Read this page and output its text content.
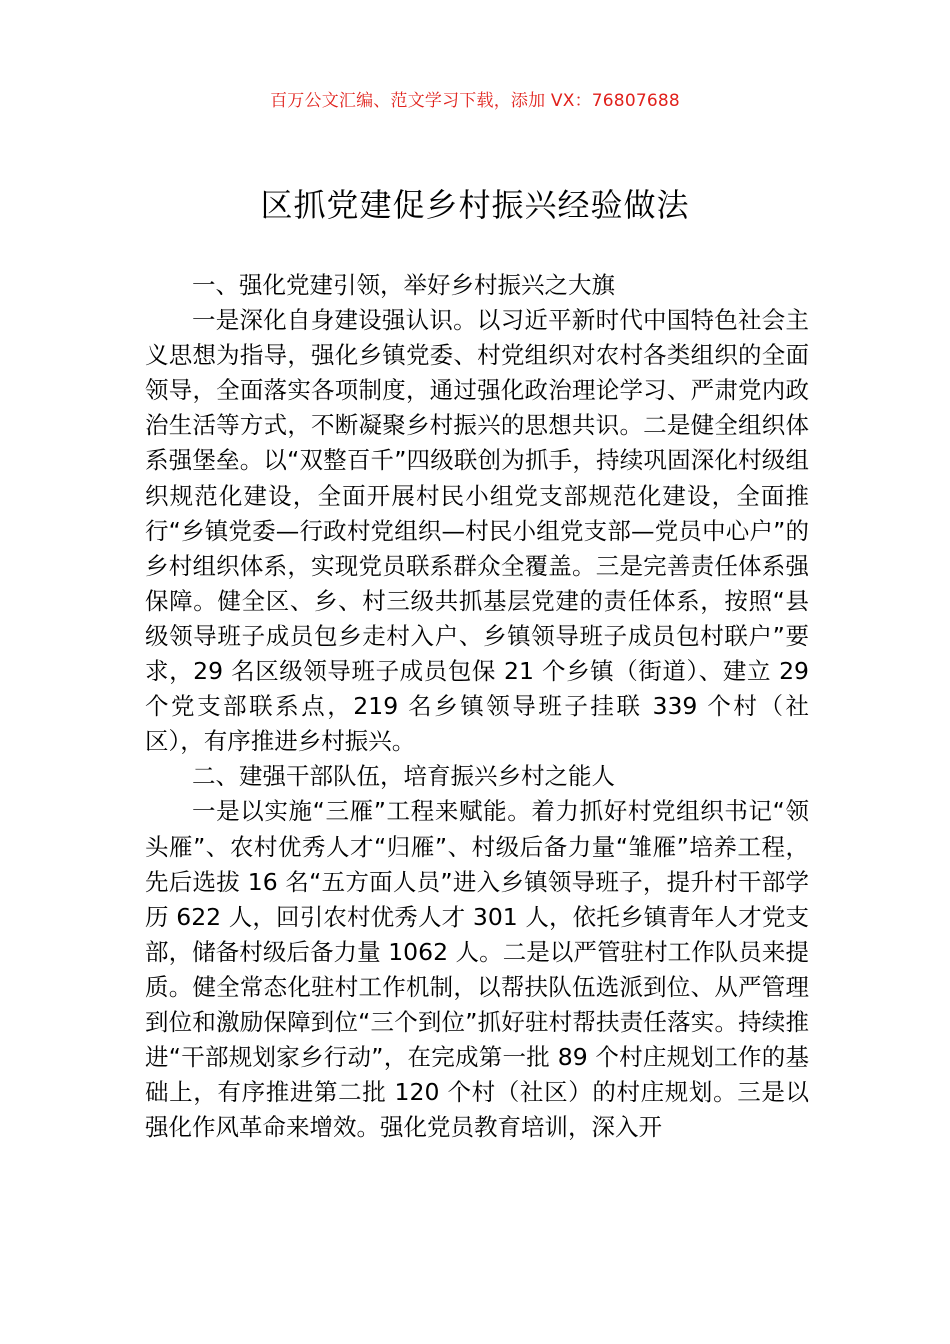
百万公文汇编、范文学习下载，添加 VX：76807688
区抓党建促乡村振兴经验做法

一、强化党建引领，举好乡村振兴之大旗

一是深化自身建设强认识。以习近平新时代中国特色社会主义思想为指导，强化乡镇党委、村党组织对农村各类组织的全面领导，全面落实各项制度，通过强化政治理论学习、严肃党内政治生活等方式，不断凝聚乡村振兴的思想共识。二是健全组织体系强堡垒。以“双整百千”四级联创为抓手，持续巩固深化村级组织规范化建设，全面开展村民小组党支部规范化建设，全面推行“乡镇党委—行政村党组织—村民小组党支部—党员中心户”的乡村组织体系，实现党员联系群众全覆盖。三是完善责任体系强保障。健全区、乡、村三级共抓基层党建的责任体系，按照“县级领导班子成员包乡走村入户、乡镇领导班子成员包村联户”要求，29 名区级领导班子成员包保 21 个乡镇（街道）、建立 29 个党支部联系点，219 名乡镇领导班子挂联 339 个村（社区），有序推进乡村振兴。

二、建强干部队伍，培育振兴乡村之能人

一是以实施“三雁”工程来赋能。着力抓好村党组织书记“领头雁”、农村优秀人才“归雁”、村级后备力量“雏雁”培养工程，先后选拔 16 名“五方面人员”进入乡镇领导班子，提升村干部学历 622 人，回引农村优秀人才 301 人，依托乡镇青年人才党支部，储备村级后备力量 1062 人。二是以严管驻村工作队员来提质。健全常态化驻村工作机制，以帮扶队伍选派到位、从严管理到位和激励保障到位“三个到位”抓好驻村帮扶责任落实。持续推进“干部规划家乡行动”，在完成第一批 89 个村庄规划工作的基础上，有序推进第二批 120 个村（社区）的村庄规划。三是以强化作风革命来增效。强化党员教育培训，深入开
